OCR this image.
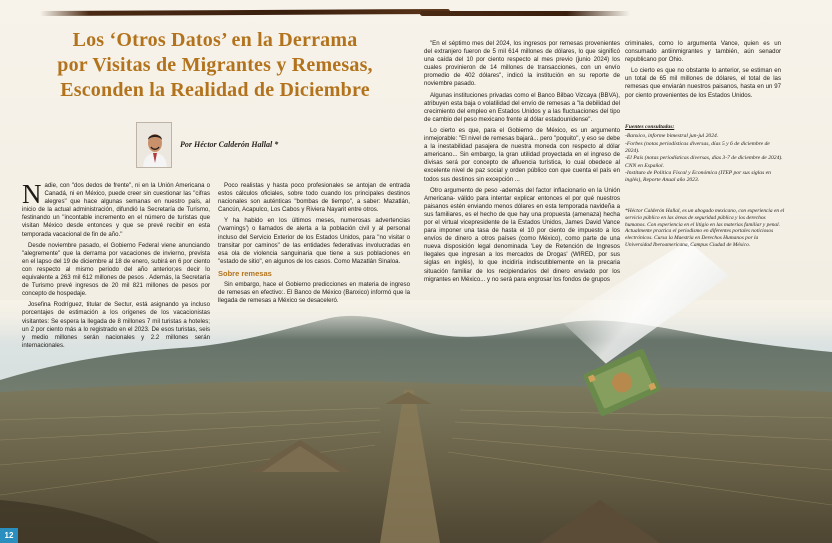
Los ‘Otros Datos’ en la Derrama
por Visitas de Migrantes y Remesas,
Esconden la Realidad de Diciembre
Por Héctor Calderón Hallal *

Nadie, con "dos dedos de frente", ni en la Unión Americana o Canadá, ni en México, puede creer sin cuestionar las "cifras alegres" que hace algunas semanas en nuestro país, al inicio de la actual administración, difundió la Secretaría de Turismo, festinando un "incontable incremento en el número de turistas que visitan México desde entonces y que se prevé recibir en esta temporada vacacional de fin de año."

Desde noviembre pasado, el Gobierno Federal viene anunciando "alegremente" que la derrama por vacaciones de invierno, prevista en el lapso del 19 de diciembre al 18 de enero, subirá en 6 por ciento con respecto al mismo periodo del año anterior;es decir lo equivalente a 263 mil 612 millones de pesos . Además, la Secretaría de Turismo prevé ingresos de 20 mil 821 millones de pesos por concepto de hospedaje.

Josefina Rodríguez, titular de Sectur, está asignando ya incluso porcentajes de estimación a los orígenes de los vacacionistas visitantes: Se espera la llegada de 8 millones 7 mil turistas a hoteles; un 2 por ciento más a lo registrado en el 2023. De esos turistas, seis y medio millones serán nacionales y 2.2 millones serán internacionales.

Poco realistas y hasta poco profesionales se antojan de entrada estos cálculos oficiales, sobre todo cuando los principales destinos nacionales son auténticas "bombas de tiempo", a saber: Mazatlán, Cancún, Acapulco, Los Cabos y Riviera Nayarit entre otros.

Y ha habido en los últimos meses, numerosas advertencias ('warnings') o llamados de alerta a la población civil y al personal incluso del Servicio Exterior de los Estados Unidos, para "no visitar o transitar por caminos" de las entidades federativas involucradas en esa ola de violencia sanguinaria que tiene a sus poblaciones en "estado de sitio", en algunos de los casos. Como Mazatlán Sinaloa.

Sobre remesas

Sin embargo, hace el Gobierno predicciones en materia de ingreso de remesas en efectivo:. El Banco de México (Banxico) informó que la llegada de remesas a México se desaceleró.

"En el séptimo mes del 2024, los ingresos por remesas provenientes del extranjero fueron de 5 mil 614 millones de dólares, lo que significó una caída del 10 por ciento respecto al mes previo (junio 2024) los cuales provinieron de 14 millones de transacciones, con un envío promedio de 402 dólares", indicó la institución en su reporte de noviembre pasado.

Algunas instituciones privadas como el Banco Bilbao Vizcaya (BBVA), atribuyen esta baja o volatilidad del envío de remesas a "la debilidad del crecimiento del empleo en Estados Unidos y a las fluctuaciones del tipo de cambio del peso mexicano frente al dólar estadounidense".

Lo cierto es que, para el Gobierno de México, es un argumento inmejorable: "El nivel de remesas bajará... pero "poquito", y eso se debe a la inestabilidad pasajera de nuestra moneda con respecto al dólar americano... Sin embargo, la gran utilidad proyectada en el ingreso de divisas será por concepto de afluencia turística, lo cual obedece al excelente nivel de paz social y orden público con que cuenta el país en todos sus destinos sin excepción ...

Otro argumento de peso -además del factor inflacionario en la Unión Americana- válido para intentar explicar entonces el por qué nuestros paisanos estén enviando menos dólares en esta temporada navideña a sus familiares, es el hecho de que hay una propuesta (amenaza) hecha por el virtual vicepresidente de la Estados Unidos, James David Vance para imponer una tasa de hasta el 10 por ciento de impuesto a los envíos de dinero a otros países (como México), como parte de una nueva disposición legal denominada 'Ley de Retención de Ingresos Ilegales que ingresan a los mercados de Drogas' (WIRED, por sus siglas en inglés), lo que incidiría indiscutiblemente en la precaria situación familiar de los recipiendarios del dinero enviado por los migrantes en México... y no será para engrosar los fondos de grupos

criminales, como lo argumenta Vance, quien es un consumado antiinmigrantes y también, aún senador republicano por Ohio.

Lo cierto es que no obstante lo anterior, se estiman en un total de 65 mil millones de dólares, el total de las remesas que enviarán nuestros paisanos, hasta en un 97 por ciento provenientes de los Estados Unidos.

Fuentes consultadas:
-Banxico, informe bimestral jun-jul 2024.
-Forbes (notas periodísticas diversas, días 5 y 6 de diciembre de 2024).
-El País (notas periodísticas diversas, días 3-7 de diciembre de 2024).
CNN en Español.
-Instituto de Política Fiscal y Económica (ITEP por sus siglas en inglés), Reporte Anual año 2023.
*Héctor Calderón Hallal, es un abogado mexicano, con experiencia en el servicio público en las áreas de seguridad pública y los derechos humanos. Con experiencia en el litigio en las materias familiar y penal. Actualmente practica el periodismo en diferentes portales noticiosos electrónicos. Cursa la Maestría en Derechos Humanos por la Universidad Iberoamericana, Campus Ciudad de México.
12
